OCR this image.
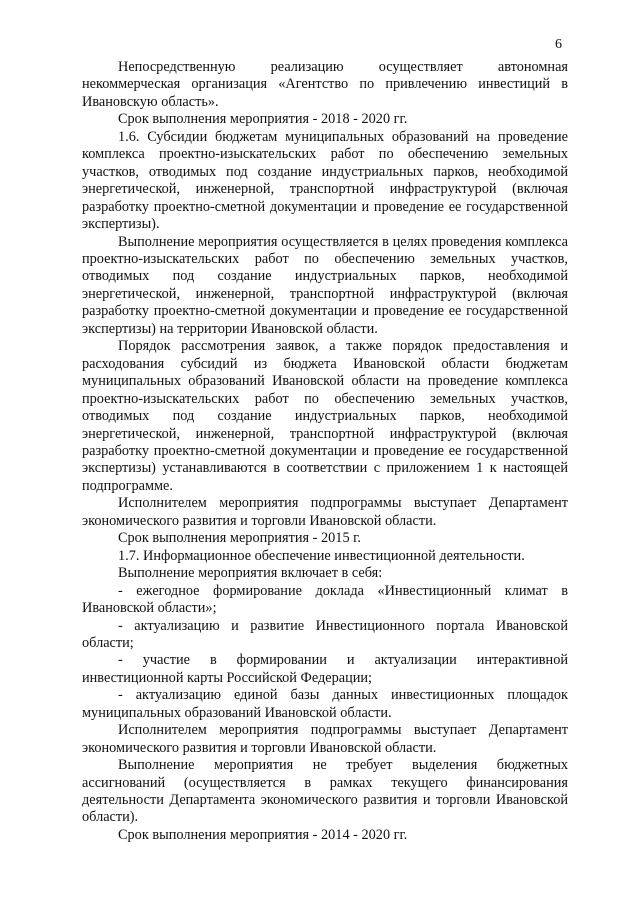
6

Непосредственную реализацию осуществляет автономная некоммерческая организация «Агентство по привлечению инвестиций в Ивановскую область».

Срок выполнения мероприятия - 2018 - 2020 гг.

1.6. Субсидии бюджетам муниципальных образований на проведение комплекса проектно-изыскательских работ по обеспечению земельных участков, отводимых под создание индустриальных парков, необходимой энергетической, инженерной, транспортной инфраструктурой (включая разработку проектно-сметной документации и проведение ее государственной экспертизы).

Выполнение мероприятия осуществляется в целях проведения комплекса проектно-изыскательских работ по обеспечению земельных участков, отводимых под создание индустриальных парков, необходимой энергетической, инженерной, транспортной инфраструктурой (включая разработку проектно-сметной документации и проведение ее государственной экспертизы) на территории Ивановской области.

Порядок рассмотрения заявок, а также порядок предоставления и расходования субсидий из бюджета Ивановской области бюджетам муниципальных образований Ивановской области на проведение комплекса проектно-изыскательских работ по обеспечению земельных участков, отводимых под создание индустриальных парков, необходимой энергетической, инженерной, транспортной инфраструктурой (включая разработку проектно-сметной документации и проведение ее государственной экспертизы) устанавливаются в соответствии с приложением 1 к настоящей подпрограмме.

Исполнителем мероприятия подпрограммы выступает Департамент экономического развития и торговли Ивановской области.

Срок выполнения мероприятия - 2015 г.

1.7. Информационное обеспечение инвестиционной деятельности.

Выполнение мероприятия включает в себя:

- ежегодное формирование доклада «Инвестиционный климат в Ивановской области»;

- актуализацию и развитие Инвестиционного портала Ивановской области;

- участие в формировании и актуализации интерактивной инвестиционной карты Российской Федерации;

- актуализацию единой базы данных инвестиционных площадок муниципальных образований Ивановской области.

Исполнителем мероприятия подпрограммы выступает Департамент экономического развития и торговли Ивановской области.

Выполнение мероприятия не требует выделения бюджетных ассигнований (осуществляется в рамках текущего финансирования деятельности Департамента экономического развития и торговли Ивановской области).

Срок выполнения мероприятия - 2014 - 2020 гг.
